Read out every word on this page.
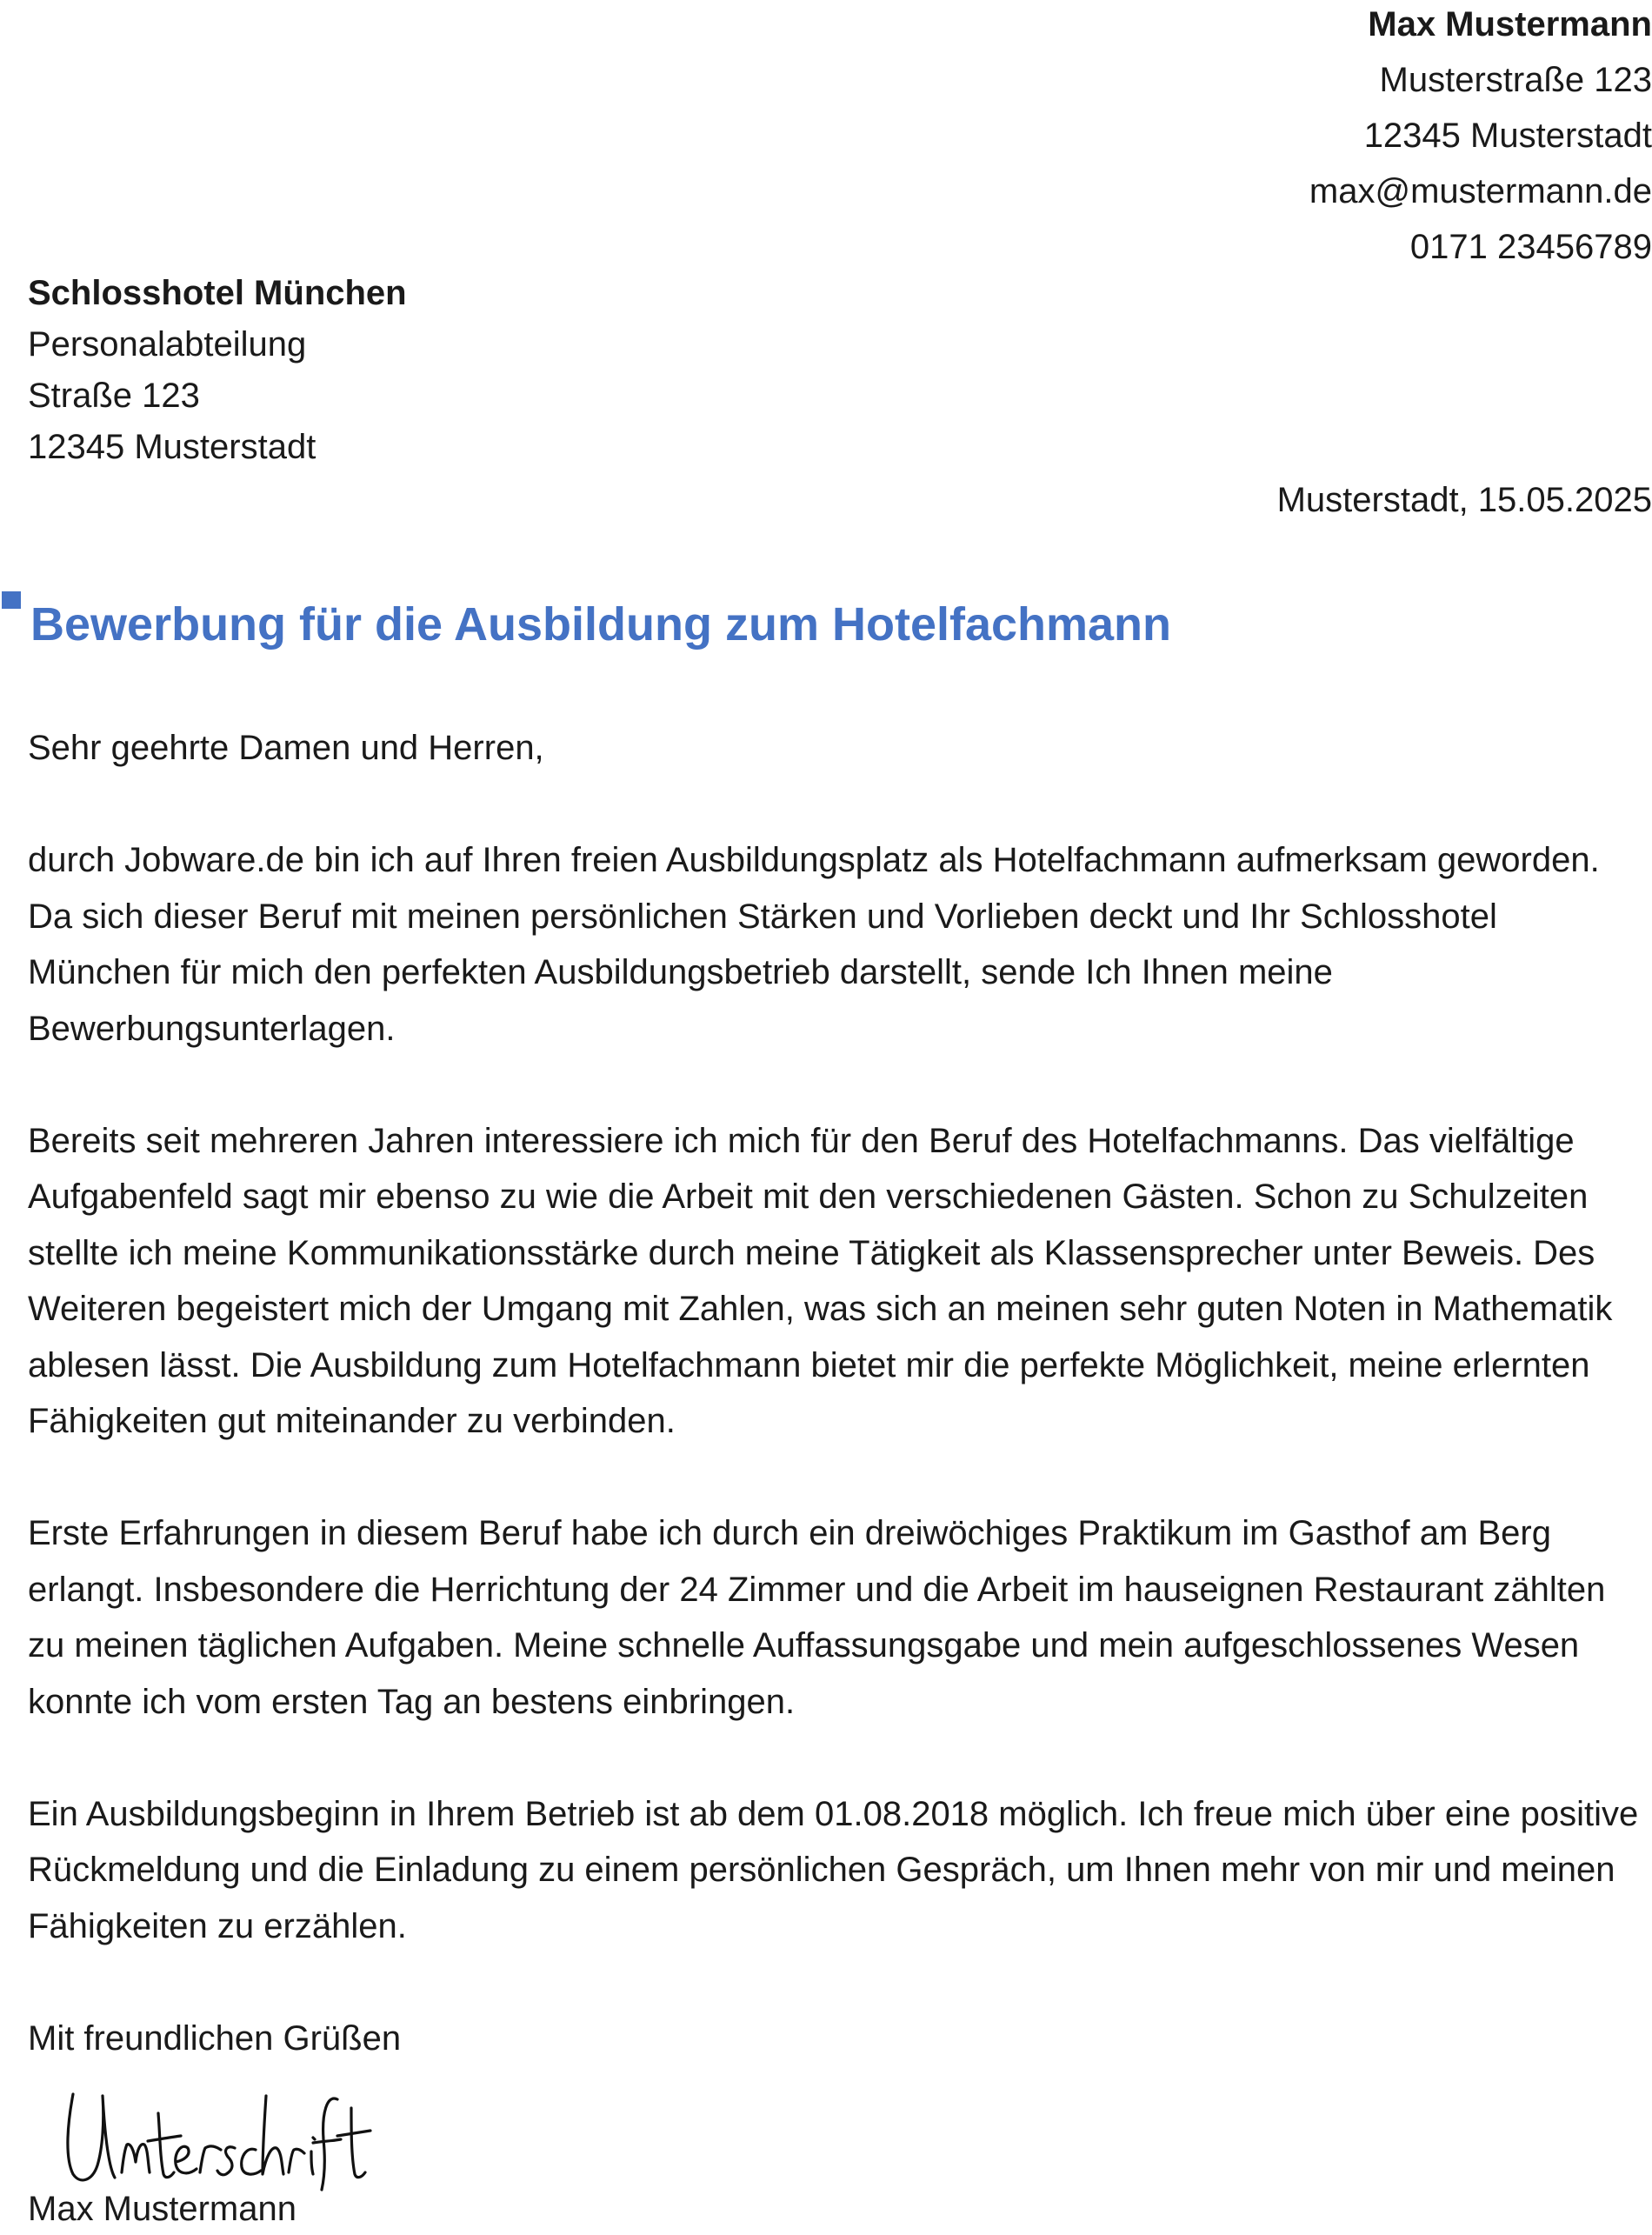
Max Mustermann
Musterstraße 123
12345 Musterstadt
max@mustermann.de
0171 23456789
Schlosshotel München
Personalabteilung
Straße 123
12345 Musterstadt
Musterstadt, 15.05.2025
Bewerbung für die Ausbildung zum Hotelfachmann

Sehr geehrte Damen und Herren,

durch Jobware.de bin ich auf Ihren freien Ausbildungsplatz als Hotelfachmann aufmerksam geworden. Da sich dieser Beruf mit meinen persönlichen Stärken und Vorlieben deckt und Ihr Schlosshotel München für mich den perfekten Ausbildungsbetrieb darstellt, sende Ich Ihnen meine Bewerbungsunterlagen.

Bereits seit mehreren Jahren interessiere ich mich für den Beruf des Hotelfachmanns. Das vielfältige Aufgabenfeld sagt mir ebenso zu wie die Arbeit mit den verschiedenen Gästen. Schon zu Schulzeiten stellte ich meine Kommunikationsstärke durch meine Tätigkeit als Klassensprecher unter Beweis. Des Weiteren begeistert mich der Umgang mit Zahlen, was sich an meinen sehr guten Noten in Mathematik ablesen lässt. Die Ausbildung zum Hotelfachmann bietet mir die perfekte Möglichkeit, meine erlernten Fähigkeiten gut miteinander zu verbinden.

Erste Erfahrungen in diesem Beruf habe ich durch ein dreiwöchiges Praktikum im Gasthof am Berg erlangt. Insbesondere die Herrichtung der 24 Zimmer und die Arbeit im hauseignen Restaurant zählten zu meinen täglichen Aufgaben. Meine schnelle Auffassungsgabe und mein aufgeschlossenes Wesen konnte ich vom ersten Tag an bestens einbringen.

Ein Ausbildungsbeginn in Ihrem Betrieb ist ab dem 01.08.2018 möglich. Ich freue mich über eine positive Rückmeldung und die Einladung zu einem persönlichen Gespräch, um Ihnen mehr von mir und meinen Fähigkeiten zu erzählen.

Mit freundlichen Grüßen

Max Mustermann
